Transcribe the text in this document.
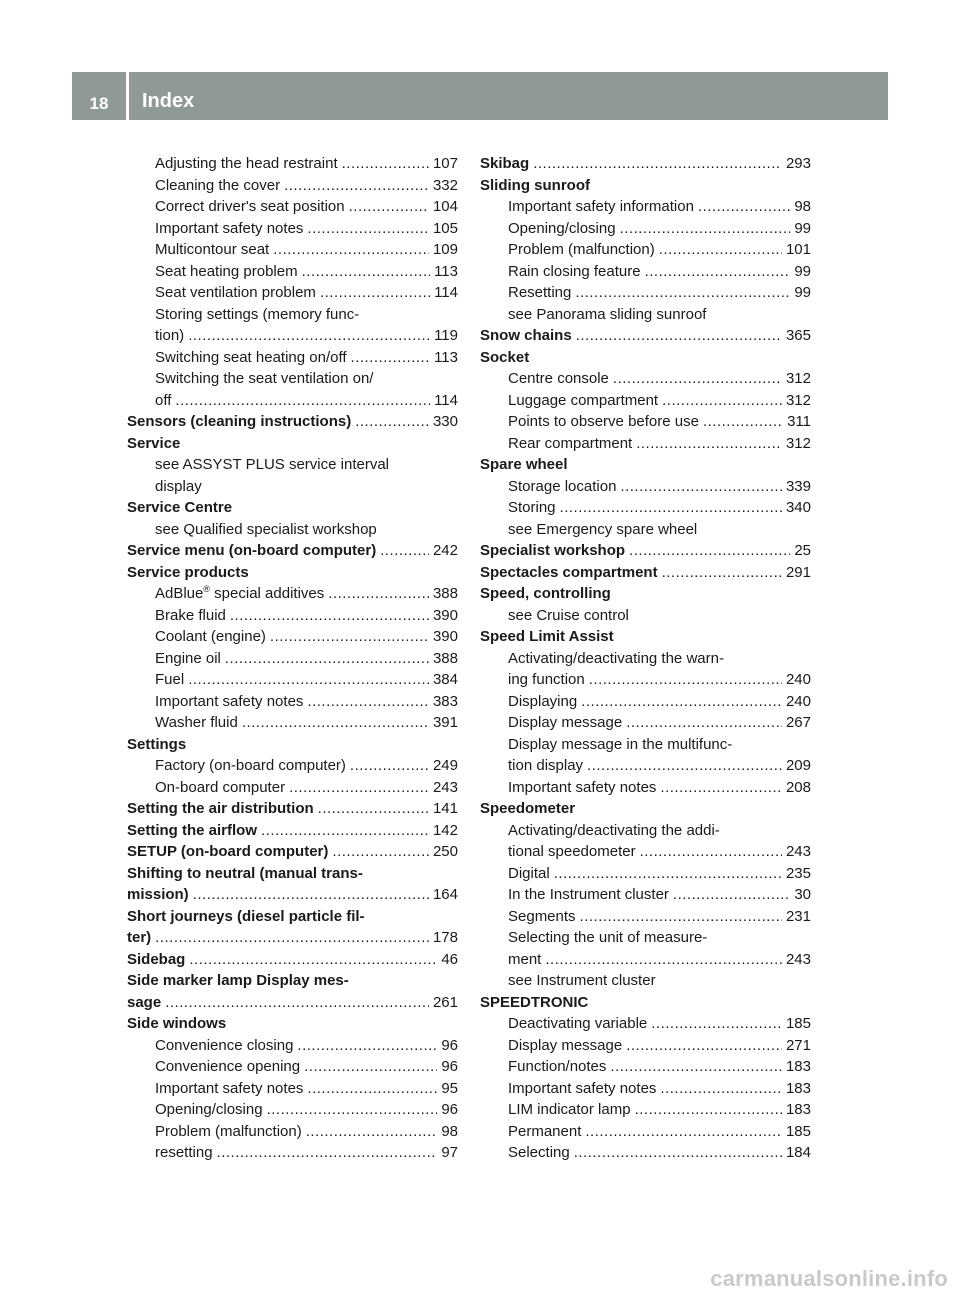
18	Index
Adjusting the head restraint .....	107
Cleaning the cover .....	332
Correct driver's seat position .....	104
Important safety notes .....	105
Multicontour seat .....	109
Seat heating problem .....	113
Seat ventilation problem .....	114
Storing settings (memory func-
tion) .....	119
Switching seat heating on/off .....	113
Switching the seat ventilation on/
off .....	114
Sensors (cleaning instructions) .....	330
Service
see ASSYST PLUS service interval
display
Service Centre
see Qualified specialist workshop
Service menu (on-board computer) .....	242
Service products
AdBlue® special additives .....	388
Brake fluid .....	390
Coolant (engine) .....	390
Engine oil .....	388
Fuel .....	384
Important safety notes .....	383
Washer fluid .....	391
Settings
Factory (on-board computer) .....	249
On-board computer .....	243
Setting the air distribution .....	141
Setting the airflow .....	142
SETUP (on-board computer) .....	250
Shifting to neutral (manual trans-
mission) .....	164
Short journeys (diesel particle fil-
ter) .....	178
Sidebag .....	46
Side marker lamp Display mes-
sage .....	261
Side windows
Convenience closing .....	96
Convenience opening .....	96
Important safety notes .....	95
Opening/closing .....	96
Problem (malfunction) .....	98
resetting .....	97
Skibag .....	293
Sliding sunroof
Important safety information .....	98
Opening/closing .....	99
Problem (malfunction) .....	101
Rain closing feature .....	99
Resetting .....	99
see Panorama sliding sunroof
Snow chains .....	365
Socket
Centre console .....	312
Luggage compartment .....	312
Points to observe before use .....	311
Rear compartment .....	312
Spare wheel
Storage location .....	339
Storing .....	340
see Emergency spare wheel
Specialist workshop .....	25
Spectacles compartment .....	291
Speed, controlling
see Cruise control
Speed Limit Assist
Activating/deactivating the warn-
ing function .....	240
Displaying .....	240
Display message .....	267
Display message in the multifunc-
tion display .....	209
Important safety notes .....	208
Speedometer
Activating/deactivating the addi-
tional speedometer .....	243
Digital .....	235
In the Instrument cluster .....	30
Segments .....	231
Selecting the unit of measure-
ment .....	243
see Instrument cluster
SPEEDTRONIC
Deactivating variable .....	185
Display message .....	271
Function/notes .....	183
Important safety notes .....	183
LIM indicator lamp .....	183
Permanent .....	185
Selecting .....	184
carmanualsonline.info
